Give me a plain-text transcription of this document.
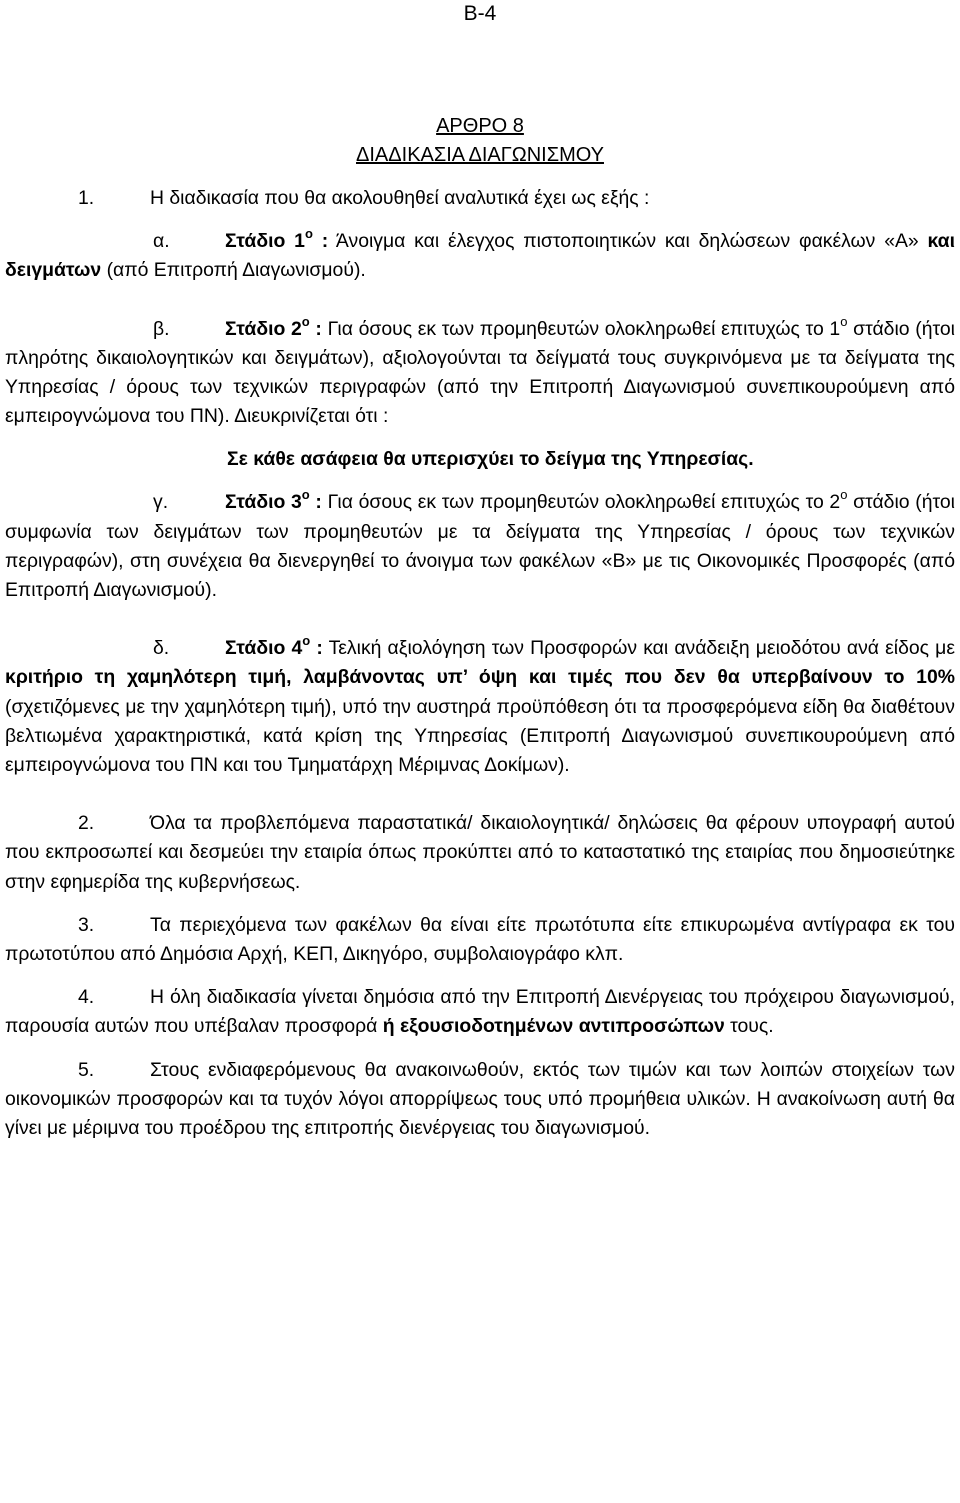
B-4
ΑΡΘΡΟ 8
ΔΙΑΔΙΚΑΣΙΑ ΔΙΑΓΩΝΙΣΜΟΥ
1.	Η διαδικασία που θα ακολουθηθεί αναλυτικά έχει ως εξής :
α.	Στάδιο $1^o$ : Άνοιγμα και έλεγχος πιστοποιητικών και δηλώσεων φακέλων «Α» και δειγμάτων (από Επιτροπή Διαγωνισμού).
β.	Στάδιο $2^o$ : Για όσους εκ των προμηθευτών ολοκληρωθεί επιτυχώς το $1^o$ στάδιο (ήτοι πληρότης δικαιολογητικών και δειγμάτων), αξιολογούνται τα δείγματά τους συγκρινόμενα με τα δείγματα της Υπηρεσίας / όρους των τεχνικών περιγραφών (από την Επιτροπή Διαγωνισμού συνεπικουρούμενη από εμπειρογνώμονα του ΠΝ). Διευκρινίζεται ότι :
Σε κάθε ασάφεια θα υπερισχύει το δείγμα της Υπηρεσίας.
γ.	Στάδιο $3^o$ : Για όσους εκ των προμηθευτών ολοκληρωθεί επιτυχώς το $2^o$ στάδιο (ήτοι συμφωνία των δειγμάτων των προμηθευτών με τα δείγματα της Υπηρεσίας / όρους των τεχνικών περιγραφών), στη συνέχεια θα διενεργηθεί το άνοιγμα των φακέλων «Β» με τις Οικονομικές Προσφορές (από Επιτροπή Διαγωνισμού).
δ.	Στάδιο $4^o$ : Τελική αξιολόγηση των Προσφορών και ανάδειξη μειοδότου ανά είδος με κριτήριο τη χαμηλότερη τιμή, λαμβάνοντας υπ’ όψη και τιμές που δεν θα υπερβαίνουν το 10% (σχετιζόμενες με την χαμηλότερη τιμή), υπό την αυστηρά προϋπόθεση ότι τα προσφερόμενα είδη θα διαθέτουν βελτιωμένα χαρακτηριστικά, κατά κρίση της Υπηρεσίας (Επιτροπή Διαγωνισμού συνεπικουρούμενη από εμπειρογνώμονα του ΠΝ και του Τμηματάρχη Μέριμνας Δοκίμων).
2.	Όλα τα προβλεπόμενα παραστατικά/ δικαιολογητικά/ δηλώσεις θα φέρουν υπογραφή αυτού που εκπροσωπεί και δεσμεύει την εταιρία όπως προκύπτει από το καταστατικό της εταιρίας που δημοσιεύτηκε στην εφημερίδα της κυβερνήσεως.
3.	Τα περιεχόμενα των φακέλων θα είναι είτε πρωτότυπα είτε επικυρωμένα αντίγραφα εκ του πρωτοτύπου από Δημόσια Αρχή, ΚΕΠ, Δικηγόρο, συμβολαιογράφο κλπ.
4.	Η όλη διαδικασία γίνεται δημόσια από την Επιτροπή Διενέργειας του πρόχειρου διαγωνισμού, παρουσία αυτών που υπέβαλαν προσφορά ή εξουσιοδοτημένων αντιπροσώπων τους.
5.	Στους ενδιαφερόμενους θα ανακοινωθούν, εκτός των τιμών και των λοιπών στοιχείων των οικονομικών προσφορών και τα τυχόν λόγοι απορρίψεως τους υπό προμήθεια υλικών. Η ανακοίνωση αυτή θα γίνει με μέριμνα του προέδρου της επιτροπής διενέργειας του διαγωνισμού.
